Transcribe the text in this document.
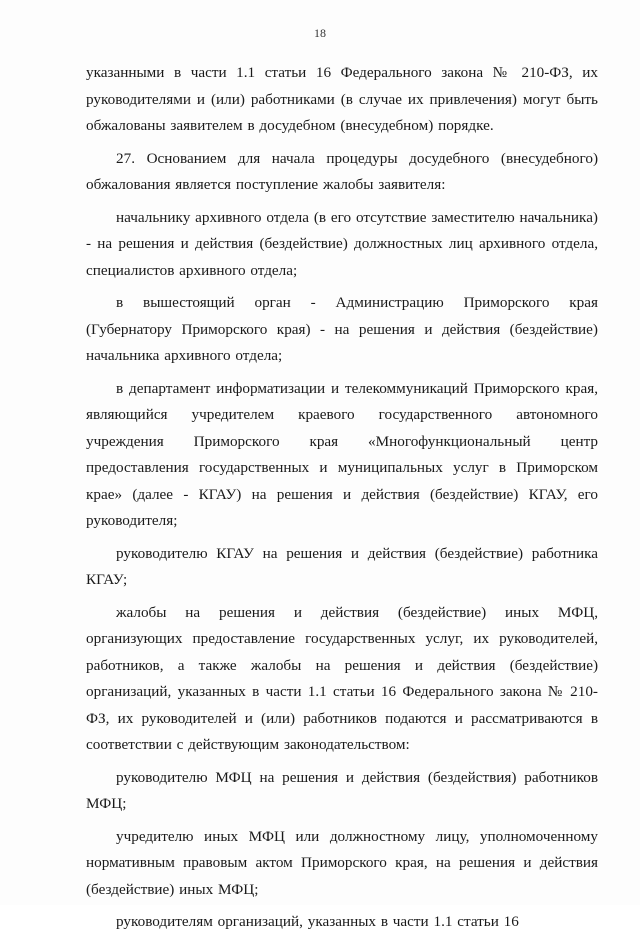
18

указанными в части 1.1 статьи 16 Федерального закона № 210-ФЗ, их руководителями и (или) работниками (в случае их привлечения) могут быть обжалованы заявителем в досудебном (внесудебном) порядке.

27. Основанием для начала процедуры досудебного (внесудебного) обжалования является поступление жалобы заявителя:

начальнику архивного отдела (в его отсутствие заместителю начальника) - на решения и действия (бездействие) должностных лиц архивного отдела, специалистов архивного отдела;

в вышестоящий орган - Администрацию Приморского края (Губернатору Приморского края) - на решения и действия (бездействие) начальника архивного отдела;

в департамент информатизации и телекоммуникаций Приморского края, являющийся учредителем краевого государственного автономного учреждения Приморского края «Многофункциональный центр предоставления государственных и муниципальных услуг в Приморском крае» (далее - КГАУ) на решения и действия (бездействие) КГАУ, его руководителя;

руководителю КГАУ на решения и действия (бездействие) работника КГАУ;

жалобы на решения и действия (бездействие) иных МФЦ, организующих предоставление государственных услуг, их руководителей, работников, а также жалобы на решения и действия (бездействие) организаций, указанных в части 1.1 статьи 16 Федерального закона № 210-ФЗ, их руководителей и (или) работников подаются и рассматриваются в соответствии с действующим законодательством:

руководителю МФЦ на решения и действия (бездействия) работников МФЦ;

учредителю иных МФЦ или должностному лицу, уполномоченному нормативным правовым актом Приморского края, на решения и действия (бездействие) иных МФЦ;

руководителям организаций, указанных в части 1.1 статьи 16
